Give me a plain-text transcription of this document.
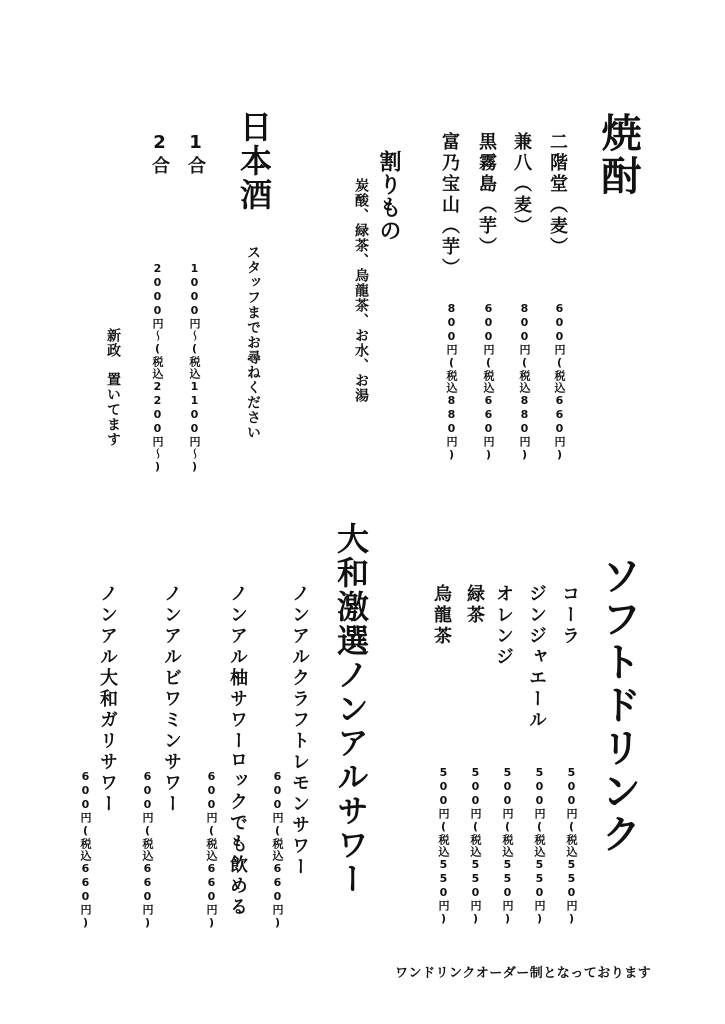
焼酎
二階堂（麦）
兼八（麦）
黒霧島（芋）
富乃宝山（芋）
600円(税込660円)
800円(税込880円)
600円(税込660円)
800円(税込880円)
割りもの
炭酸、緑茶、烏龍茶、お水、お湯
日本酒
スタッフまでお尋ねください
1合
2合
1000円〜(税込1100円〜)
2000円〜(税込2200円〜)
新政
置いてます
ソフトドリンク
コーラ
ジンジャエール
オレンジ
緑茶
烏龍茶
500円(税込550円)
500円(税込550円)
500円(税込550円)
500円(税込550円)
500円(税込550円)
大和激選ノンアルサワー
ノンアルクラフトレモンサワー
ノンアル柚サワー
ロックでも飲める
ノンアルビワミンサワー
ノンアル大和ガリサワー
600円(税込660円)
600円(税込660円)
600円(税込660円)
600円(税込660円)
ワンドリンクオーダー制となっております
